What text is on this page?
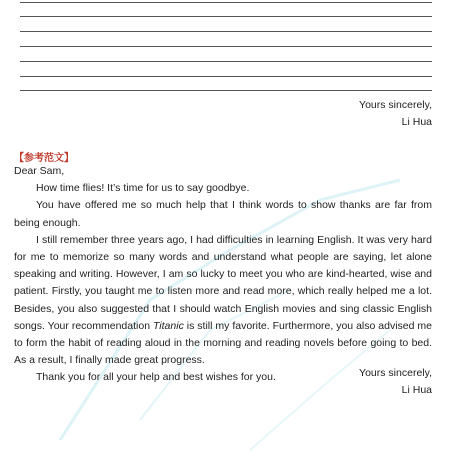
Yours sincerely,
Li Hua
【参考范文】

Dear Sam,

How time flies! It’s time for us to say goodbye.

You have offered me so much help that I think words to show thanks are far from being enough.

I still remember three years ago, I had difficulties in learning English. It was very hard for me to memorize so many words and understand what people are saying, let alone speaking and writing. However, I am so lucky to meet you who are kind-hearted, wise and patient. Firstly, you taught me to listen more and read more, which really helped me a lot. Besides, you also suggested that I should watch English movies and sing classic English songs. Your recommendation Titanic is still my favorite. Furthermore, you also advised me to form the habit of reading aloud in the morning and reading novels before going to bed. As a result, I finally made great progress.

Thank you for all your help and best wishes for you.	Yours sincerely,
Li Hua
